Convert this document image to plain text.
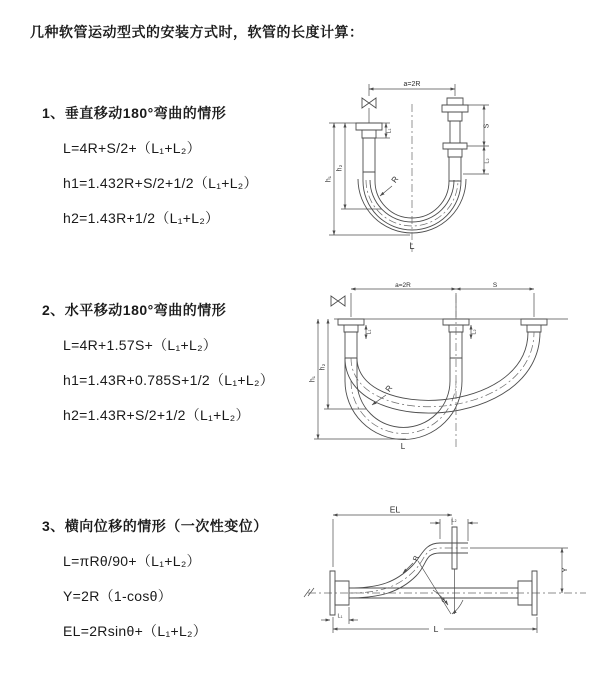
几种软管运动型式的安装方式时，软管的长度计算：
1、垂直移动180°弯曲的情形
L=4R+S/2+（L₁+L₂）
h1=1.432R+S/2+1/2（L₁+L₂）
h2=1.43R+1/2（L₁+L₂）
a=2R
h₁
h₂
L₁
S
L₂
R
L
2、水平移动180°弯曲的情形
L=4R+1.57S+（L₁+L₂）
h1=1.43R+0.785S+1/2（L₁+L₂）
h2=1.43R+S/2+1/2（L₁+L₂）
a=2R	S
h₁
h₂
L₁	L₂
R
L
3、横向位移的情形（一次性变位）
L=πRθ/90+（L₁+L₂）
Y=2R（1-cosθ）
EL=2Rsinθ+（L₁+L₂）
EL
L₂
θ
R
Y
L₁
L
